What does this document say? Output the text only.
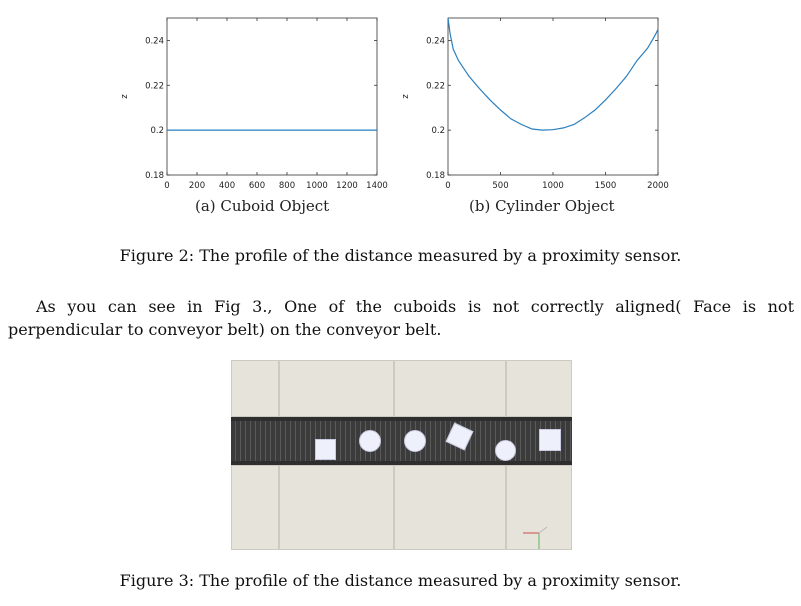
0 200 400 600 800 1000 1200 1400
0.18
0.2
0.22
0.24
z
0	500	1000	1500	2000
0.18
0.2
0.22
0.24
z
(a) Cuboid Object	(b) Cylinder Object
Figure 2: The profile of the distance measured by a proximity sensor.
As you can see in Fig 3., One of the cuboids is not correctly aligned( Face is not perpendicular to conveyor belt) on the conveyor belt.
Figure 3: The profile of the distance measured by a proximity sensor.
